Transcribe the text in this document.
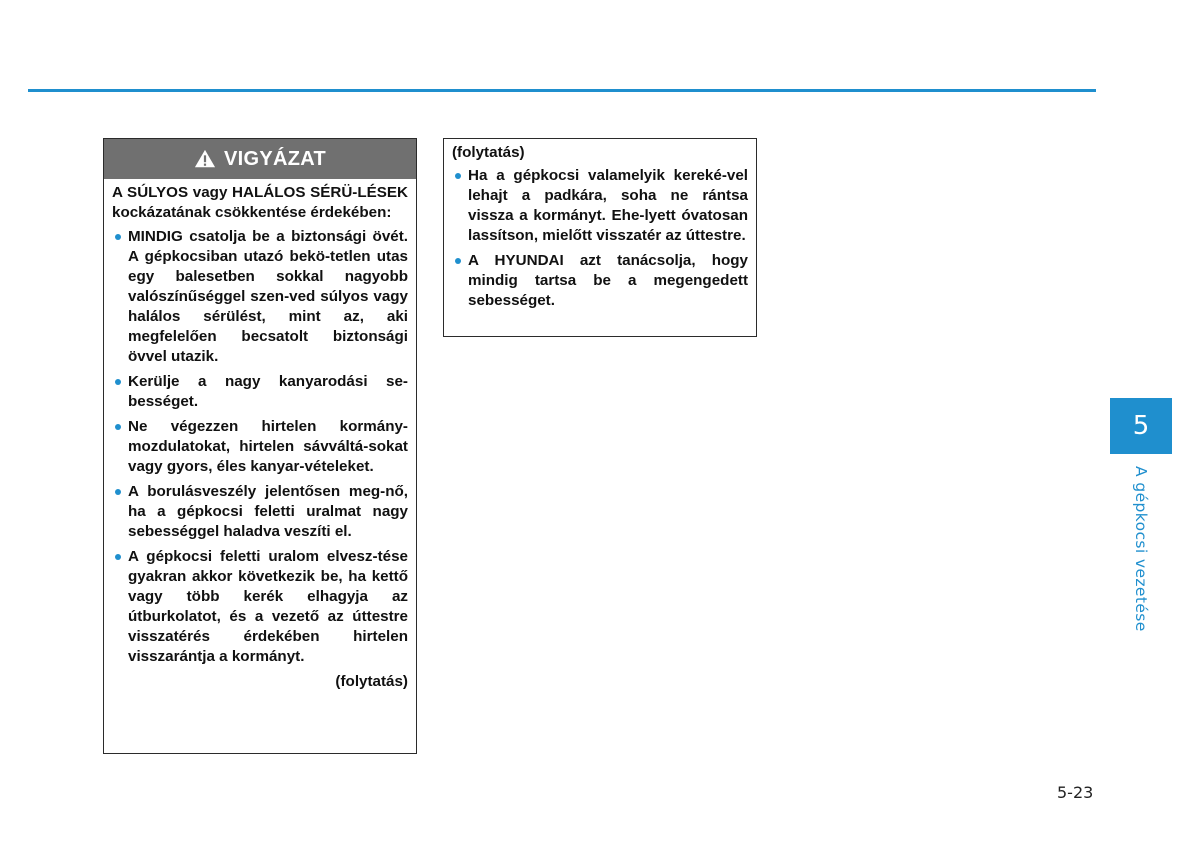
VIGYÁZAT

A SÚLYOS vagy HALÁLOS SÉRÜ-LÉSEK kockázatának csökkentése érdekében:

MINDIG csatolja be a biztonsági övét. A gépkocsiban utazó bekö-tetlen utas egy balesetben sokkal nagyobb valószínűséggel szen-ved súlyos vagy halálos sérülést, mint az, aki megfelelően becsatolt biztonsági övvel utazik.
Kerülje a nagy kanyarodási se-bességet.
Ne végezzen hirtelen kormány-mozdulatokat, hirtelen sávváltá-sokat vagy gyors, éles kanyar-vételeket.
A borulásveszély jelentősen meg-nő, ha a gépkocsi feletti uralmat nagy sebességgel haladva veszíti el.
A gépkocsi feletti uralom elvesz-tése gyakran akkor következik be, ha kettő vagy több kerék elhagyja az útburkolatot, és a vezető az úttestre visszatérés érdekében hirtelen visszarántja a kormányt.
(folytatás)

(folytatás)

Ha a gépkocsi valamelyik kereké-vel lehajt a padkára, soha ne rántsa vissza a kormányt. Ehe-lyett óvatosan lassítson, mielőtt visszatér az úttestre.
A HYUNDAI azt tanácsolja, hogy mindig tartsa be a megengedett sebességet.
5
A gépkocsi vezetése
5-23
